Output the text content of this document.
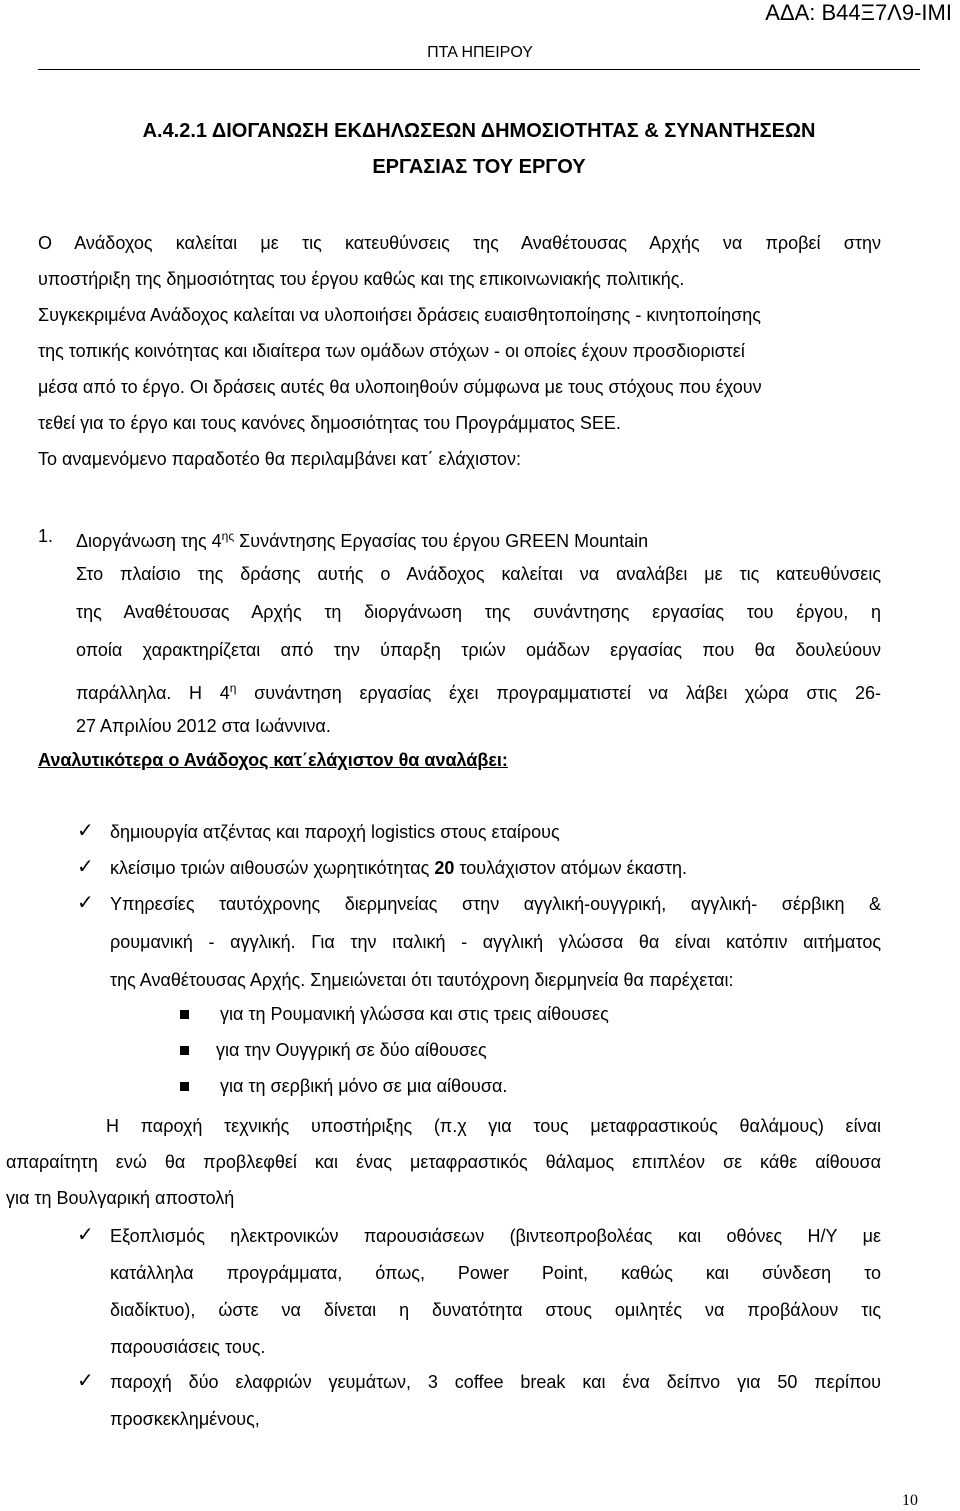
ΑΔΑ: Β44Ξ7Λ9-ΙΜΙ
ΠΤΑ ΗΠΕΙΡΟΥ
Α.4.2.1 ΔΙΟΓΑΝΩΣΗ ΕΚΔΗΛΩΣΕΩΝ ΔΗΜΟΣΙΟΤΗΤΑΣ & ΣΥΝΑΝΤΗΣΕΩΝ
ΕΡΓΑΣΙΑΣ ΤΟΥ ΕΡΓΟΥ
Ο Ανάδοχος καλείται με τις κατευθύνσεις της Αναθέτουσας Αρχής να προβεί στην
υποστήριξη της δημοσιότητας του έργου καθώς και της επικοινωνιακής πολιτικής.
Συγκεκριμένα Ανάδοχος καλείται να υλοποιήσει δράσεις ευαισθητοποίησης - κινητοποίησης
της τοπικής κοινότητας και ιδιαίτερα των ομάδων στόχων - οι οποίες έχουν προσδιοριστεί
μέσα από το έργο. Οι δράσεις αυτές θα υλοποιηθούν σύμφωνα με τους στόχους που έχουν
τεθεί για το έργο και τους κανόνες δημοσιότητας του Προγράμματος SEE.
Το αναμενόμενο παραδοτέο θα περιλαμβάνει κατ΄ ελάχιστον:
1. Διοργάνωση της $4^{\eta\varsigma}$ Συνάντησης Εργασίας του έργου GREEN Mountain
Στο πλαίσιο της δράσης αυτής ο Ανάδοχος καλείται να αναλάβει με τις κατευθύνσεις
της Αναθέτουσας Αρχής τη διοργάνωση της συνάντησης εργασίας του έργου, η
οποία χαρακτηρίζεται από την ύπαρξη τριών ομάδων εργασίας που θα δουλεύουν
παράλληλα. Η $4^\eta$ συνάντηση εργασίας έχει προγραμματιστεί να λάβει χώρα στις 26-
27 Απριλίου 2012 στα Ιωάννινα.
Αναλυτικότερα ο Ανάδοχος κατ΄ελάχιστον θα αναλάβει:
✓ δημιουργία ατζέντας και παροχή logistics στους εταίρους
✓ κλείσιμο τριών αιθουσών χωρητικότητας 20 τουλάχιστον ατόμων έκαστη.
✓ Υπηρεσίες ταυτόχρονης διερμηνείας στην αγγλική-ουγγρική, αγγλική- σέρβικη &
ρουμανική - αγγλική. Για την ιταλική - αγγλική γλώσσα θα είναι κατόπιν αιτήματος
της Αναθέτουσας Αρχής. Σημειώνεται ότι ταυτόχρονη διερμηνεία θα παρέχεται:
για τη Ρουμανική γλώσσα και στις τρεις αίθουσες
για την Ουγγρική σε δύο αίθουσες
για τη σερβική μόνο σε μια αίθουσα.
Η παροχή τεχνικής υποστήριξης (π.χ για τους μεταφραστικούς θαλάμους) είναι
απαραίτητη ενώ θα προβλεφθεί και ένας μεταφραστικός θάλαμος επιπλέον σε κάθε αίθουσα
για τη Βουλγαρική αποστολή
✓ Εξοπλισμός ηλεκτρονικών παρουσιάσεων (βιντεοπροβολέας και οθόνες Η/Υ με
κατάλληλα προγράμματα, όπως, Power Point, καθώς και σύνδεση το
διαδίκτυο), ώστε να δίνεται η δυνατότητα στους ομιλητές να προβάλουν τις
παρουσιάσεις τους.
✓ παροχή δύο ελαφριών γευμάτων, 3 coffee break και ένα δείπνο για 50 περίπου
προσκεκλημένους,
10
